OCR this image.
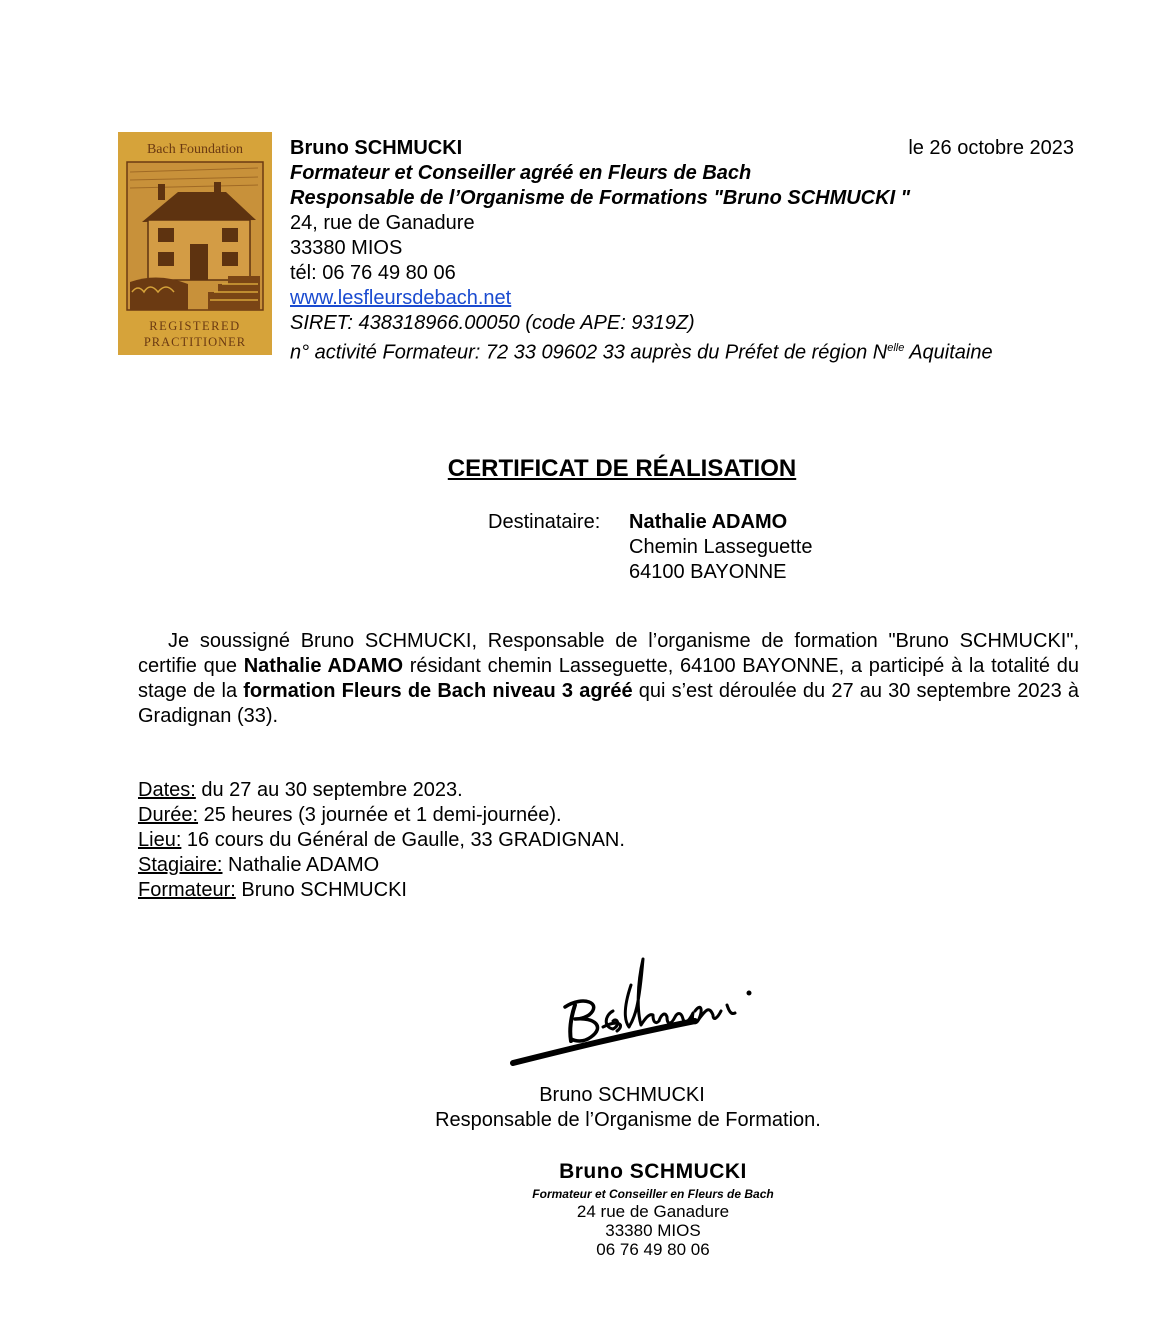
Bach Foundation
REGISTERED
PRACTITIONER
Bruno SCHMUCKI
Formateur et Conseiller agréé en Fleurs de Bach
Responsable de l’Organisme de Formations "Bruno SCHMUCKI "
24, rue de Ganadure
33380 MIOS
tél: 06 76 49 80 06
www.lesfleursdebach.net
SIRET: 438318966.00050 (code APE: 9319Z)
n° activité Formateur: 72 33 09602 33 auprès du Préfet de région $N^{elle}$ Aquitaine
le 26 octobre 2023
CERTIFICAT DE RÉALISATION
Destinataire: Nathalie ADAMO
Chemin Lasseguette
64100 BAYONNE

Je soussigné Bruno SCHMUCKI, Responsable de l’organisme de formation "Bruno SCHMUCKI", certifie que Nathalie ADAMO résidant chemin Lasseguette, 64100 BAYONNE, a participé à la totalité du stage de la formation Fleurs de Bach niveau 3 agréé qui s’est déroulée du 27 au 30 septembre 2023 à Gradignan (33).

Dates: du 27 au 30 septembre 2023.
Durée: 25 heures (3 journée et 1 demi-journée).
Lieu: 16 cours du Général de Gaulle, 33 GRADIGNAN.
Stagiaire: Nathalie ADAMO
Formateur: Bruno SCHMUCKI
Bruno SCHMUCKI
Responsable de l’Organisme de Formation.
Bruno SCHMUCKI
Formateur et Conseiller en Fleurs de Bach
24 rue de Ganadure
33380 MIOS
06 76 49 80 06
